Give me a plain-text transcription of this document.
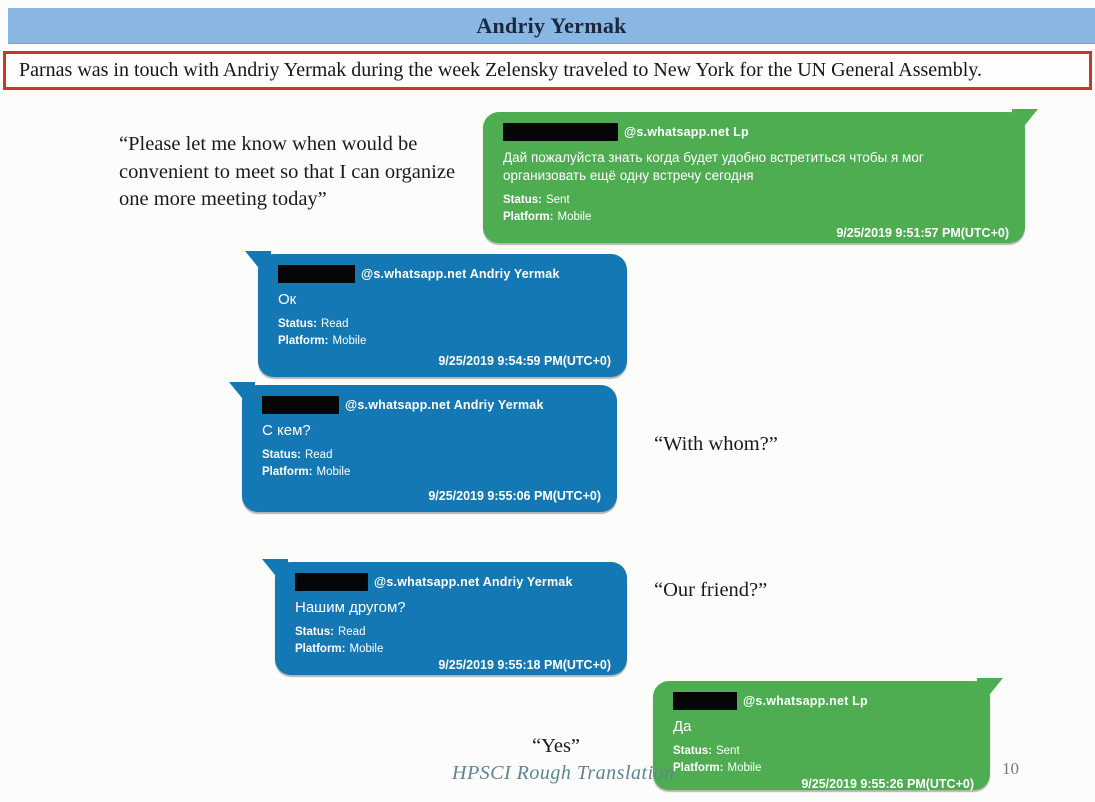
Andriy Yermak
Parnas was in touch with Andriy Yermak during the week Zelensky traveled to New York for the UN General Assembly.
@s.whatsapp.net Lp
Дай пожалуйста знать когда будет удобно встретиться чтобы я мог организовать ещё одну встречу сегодня
Status: Sent
Platform: Mobile
9/25/2019 9:51:57 PM(UTC+0)
@s.whatsapp.net Andriy Yermak
Ок
Status: Read
Platform: Mobile
9/25/2019 9:54:59 PM(UTC+0)
@s.whatsapp.net Andriy Yermak
С кем?
Status: Read
Platform: Mobile
9/25/2019 9:55:06 PM(UTC+0)
@s.whatsapp.net Andriy Yermak
Нашим другом?
Status: Read
Platform: Mobile
9/25/2019 9:55:18 PM(UTC+0)
@s.whatsapp.net Lp
Да
Status: Sent
Platform: Mobile
9/25/2019 9:55:26 PM(UTC+0)
“Please let me know when would be convenient to meet so that I can organize one more meeting today”
“With whom?”
“Our friend?”
“Yes”
HPSCI Rough Translation	10
